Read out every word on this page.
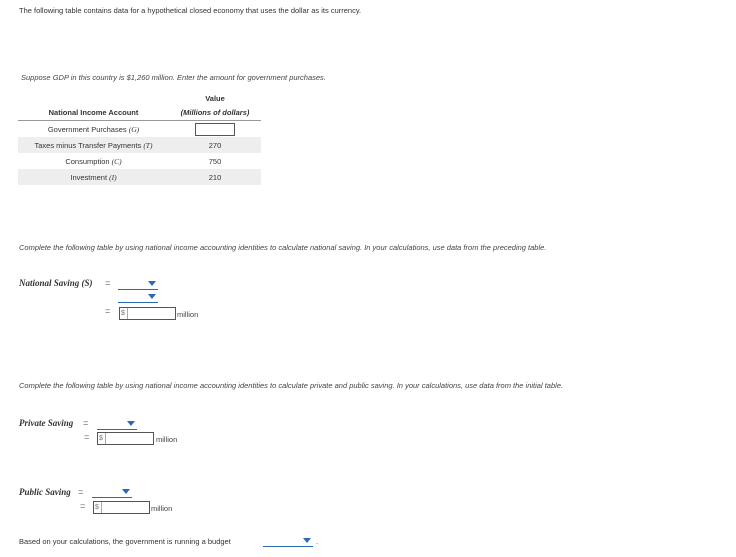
The following table contains data for a hypothetical closed economy that uses the dollar as its currency.
Suppose GDP in this country is $1,260 million. Enter the amount for government purchases.
	Value
National Income Account	(Millions of dollars)
Government Purchases (G)	
Taxes minus Transfer Payments (T)	270
Consumption (C)	750
Investment (I)	210
Complete the following table by using national income accounting identities to calculate national saving. In your calculations, use data from the preceding table.
National Saving (S) =
= $	million
Complete the following table by using national income accounting identities to calculate private and public saving. In your calculations, use data from the initial table.
Private Saving =
= $	million
Public Saving =
= $	million
Based on your calculations, the government is running a budget	.
